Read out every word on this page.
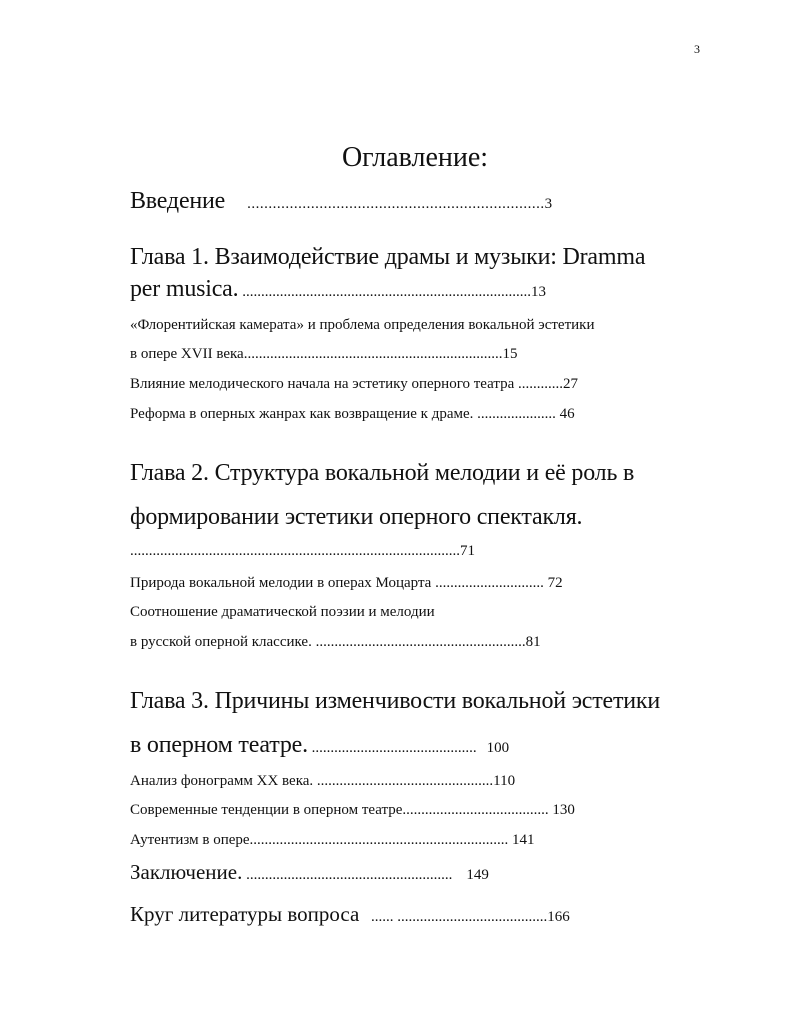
3
Оглавление:
Введение ......................................................................3
Глава 1. Взаимодействие драмы и музыки: Dramma
per musica. .............................................................................13
«Флорентийская камерата» и проблема определения вокальной эстетики
в опере XVII века.....................................................................15
Влияние мелодического начала на эстетику оперного театра ............27
Реформа в оперных жанрах как возвращение к драме. ..................... 46
Глава 2. Структура вокальной мелодии и её роль в
формировании эстетики оперного спектакля.
........................................................................................71
Природа вокальной мелодии в операх Моцарта ............................. 72
Соотношение драматической поэзии и мелодии
в русской оперной классике. ........................................................81
Глава 3. Причины изменчивости вокальной эстетики
в оперном театре. ............................................ 100
Анализ фонограмм XX века. ...............................................110
Современные тенденции в оперном театре....................................... 130
Аутентизм в опере..................................................................... 141
Заключение. ....................................................... 149
Круг литературы вопроса ...... ........................................166
